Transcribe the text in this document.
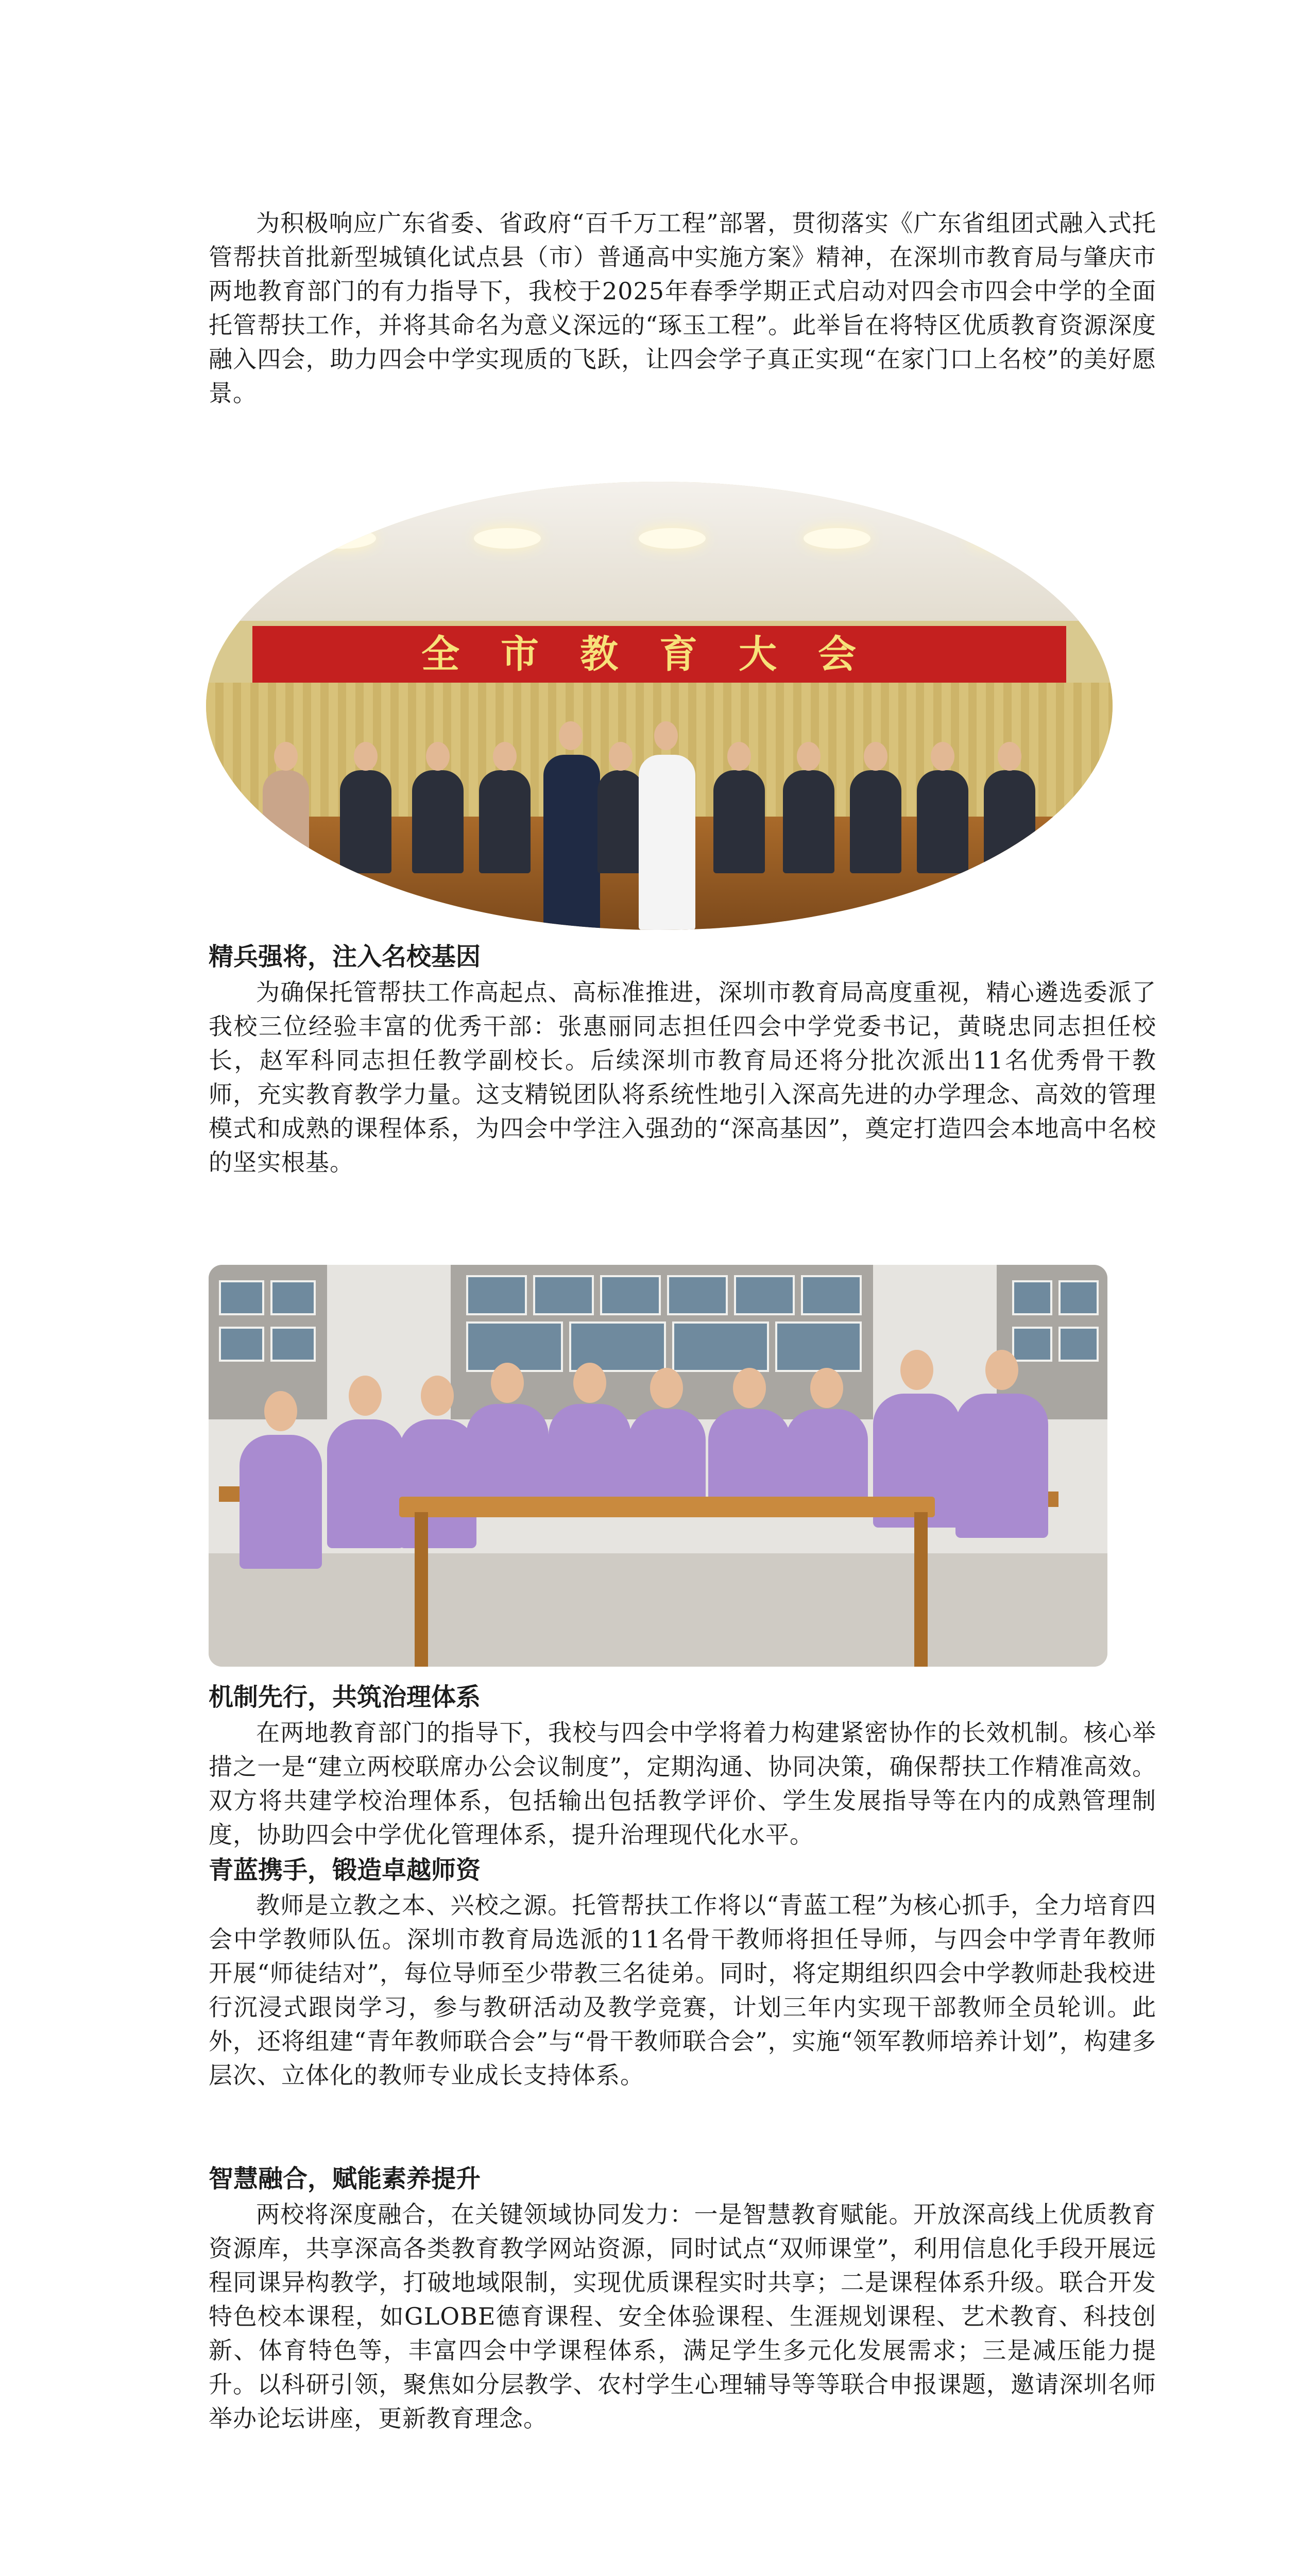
为积极响应广东省委、省政府“百千万工程”部署，贯彻落实《广东省组团式融入式托管帮扶首批新型城镇化试点县（市）普通高中实施方案》精神，在深圳市教育局与肇庆市两地教育部门的有力指导下，我校于2025年春季学期正式启动对四会市四会中学的全面托管帮扶工作，并将其命名为意义深远的“琢玉工程”。此举旨在将特区优质教育资源深度融入四会，助力四会中学实现质的飞跃，让四会学子真正实现“在家门口上名校”的美好愿景。

全市教育大会

精兵强将，注入名校基因

为确保托管帮扶工作高起点、高标准推进，深圳市教育局高度重视，精心遴选委派了我校三位经验丰富的优秀干部：张惠丽同志担任四会中学党委书记，黄晓忠同志担任校长，赵军科同志担任教学副校长。后续深圳市教育局还将分批次派出11名优秀骨干教师，充实教育教学力量。这支精锐团队将系统性地引入深高先进的办学理念、高效的管理模式和成熟的课程体系，为四会中学注入强劲的“深高基因”，奠定打造四会本地高中名校的坚实根基。

机制先行，共筑治理体系

在两地教育部门的指导下，我校与四会中学将着力构建紧密协作的长效机制。核心举措之一是“建立两校联席办公会议制度”，定期沟通、协同决策，确保帮扶工作精准高效。双方将共建学校治理体系，包括输出包括教学评价、学生发展指导等在内的成熟管理制度，协助四会中学优化管理体系，提升治理现代化水平。

青蓝携手，锻造卓越师资

教师是立教之本、兴校之源。托管帮扶工作将以“青蓝工程”为核心抓手，全力培育四会中学教师队伍。深圳市教育局选派的11名骨干教师将担任导师，与四会中学青年教师开展“师徒结对”，每位导师至少带教三名徒弟。同时，将定期组织四会中学教师赴我校进行沉浸式跟岗学习，参与教研活动及教学竞赛，计划三年内实现干部教师全员轮训。此外，还将组建“青年教师联合会”与“骨干教师联合会”，实施“领军教师培养计划”，构建多层次、立体化的教师专业成长支持体系。

智慧融合，赋能素养提升

两校将深度融合，在关键领域协同发力：一是智慧教育赋能。开放深高线上优质教育资源库，共享深高各类教育教学网站资源，同时试点“双师课堂”，利用信息化手段开展远程同课异构教学，打破地域限制，实现优质课程实时共享；二是课程体系升级。联合开发特色校本课程，如GLOBE德育课程、安全体验课程、生涯规划课程、艺术教育、科技创新、体育特色等，丰富四会中学课程体系，满足学生多元化发展需求；三是减压能力提升。以科研引领，聚焦如分层教学、农村学生心理辅导等等联合申报课题，邀请深圳名师举办论坛讲座，更新教育理念。
